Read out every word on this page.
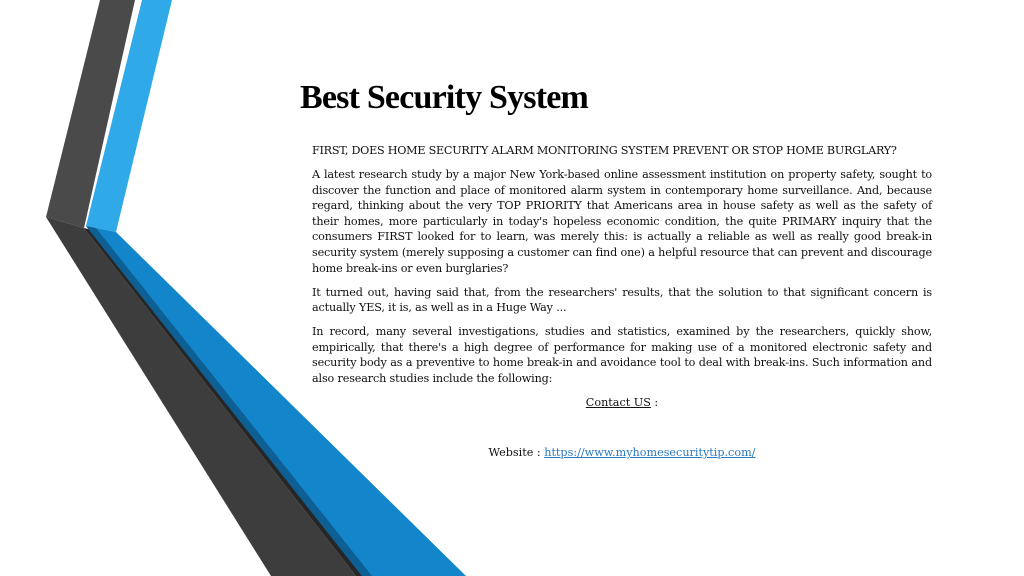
Best Security System

FIRST, DOES HOME SECURITY ALARM MONITORING SYSTEM PREVENT OR STOP HOME BURGLARY?

A latest research study by a major New York-based online assessment institution on property safety, sought to discover the function and place of monitored alarm system in contemporary home surveillance. And, because regard, thinking about the very TOP PRIORITY that Americans area in house safety as well as the safety of their homes, more particularly in today's hopeless economic condition, the quite PRIMARY inquiry that the consumers FIRST looked for to learn, was merely this: is actually a reliable as well as really good break-in security system (merely supposing a customer can find one) a helpful resource that can prevent and discourage home break-ins or even burglaries?

It turned out, having said that, from the researchers' results, that the solution to that significant concern is actually YES, it is, as well as in a Huge Way ...

In record, many several investigations, studies and statistics, examined by the researchers, quickly show, empirically, that there's a high degree of performance for making use of a monitored electronic safety and security body as a preventive to home break-in and avoidance tool to deal with break-ins. Such information and also research studies include the following:

Contact US :
Website : https://www.myhomesecuritytip.com/
